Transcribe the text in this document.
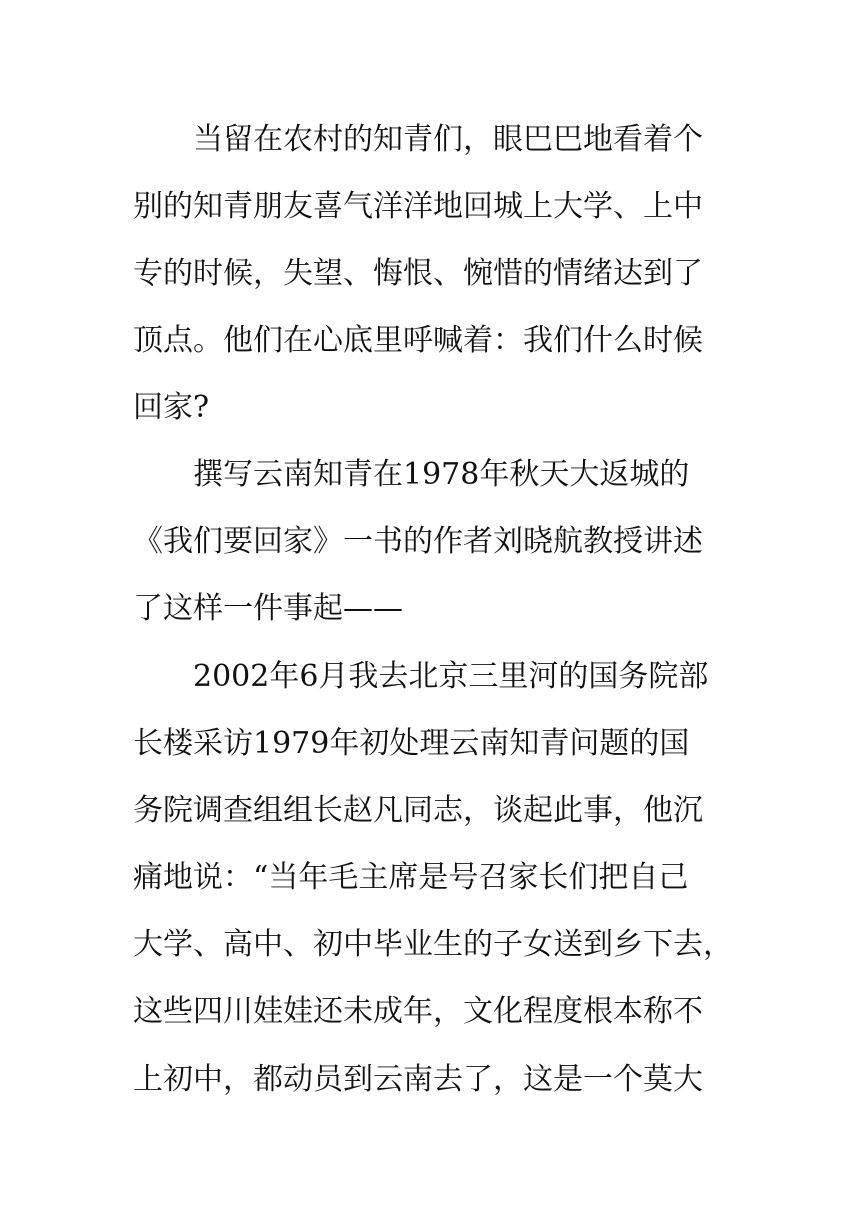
当留在农村的知青们，眼巴巴地看着个

别的知青朋友喜气洋洋地回城上大学、上中

专的时候，失望、悔恨、惋惜的情绪达到了

顶点。他们在心底里呼喊着：我们什么时候

回家?

撰写云南知青在1978年秋天大返城的

《我们要回家》一书的作者刘晓航教授讲述

了这样一件事起——

2002年6月我去北京三里河的国务院部

长楼采访1979年初处理云南知青问题的国

务院调查组组长赵凡同志，谈起此事，他沉

痛地说：“当年毛主席是号召家长们把自己

大学、高中、初中毕业生的子女送到乡下去，

这些四川娃娃还未成年，文化程度根本称不

上初中，都动员到云南去了，这是一个莫大
